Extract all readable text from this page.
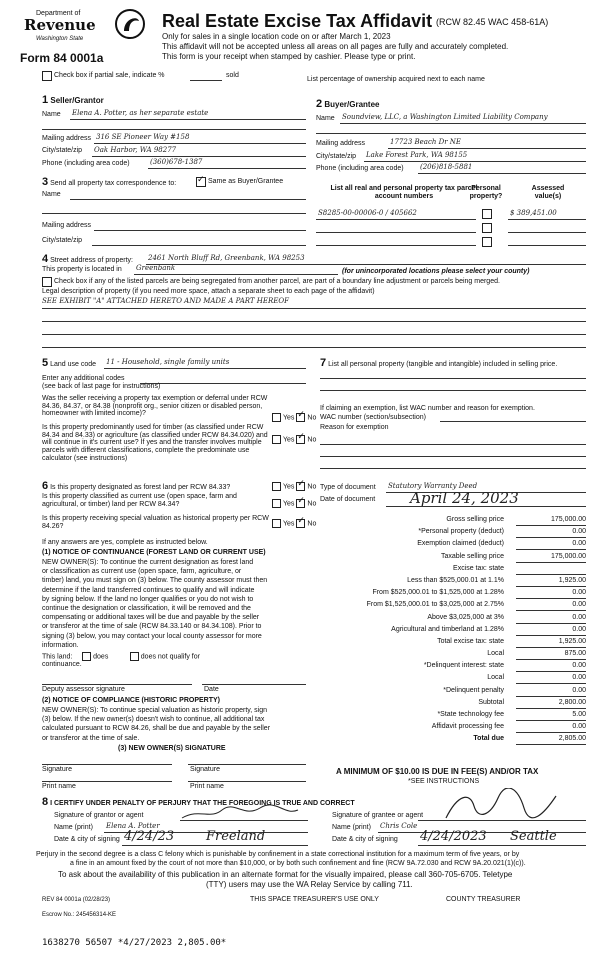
Department of
Revenue
Washington State
Form 84 0001a
Real Estate Excise Tax Affidavit (RCW 82.45 WAC 458-61A)
Only for sales in a single location code on or after March 1, 2023
This affidavit will not be accepted unless all areas on all pages are fully and accurately completed.
This form is your receipt when stamped by cashier. Please type or print.
Check box if partial sale, indicate %	sold
List percentage of ownership acquired next to each name
1 Seller/Grantor
Name Elena A. Potter, as her separate estate
Mailing address 316 SE Pioneer Way #158
City/state/zip Oak Harbor, WA 98277
Phone (including area code)	(360)678-1387
2 Buyer/Grantee
Name Soundview, LLC, a Washington Limited Liability Company
Mailing address	17723 Beach Dr NE
City/state/zip Lake Forest Park, WA 98155
Phone (including area code) (206)818-5881
3 Send all property tax correspondence to: ✓ Same as Buyer/Grantee
Name
Mailing address
City/state/zip
List all real and personal property tax parcel account numbers
Personal property?
Assessed value(s)
S8285-00-00006-0 / 405662	$ 389,451.00
4 Street address of property: 2461 North Bluff Rd, Greenbank, WA 98253
This property is located in Greenbank	(for unincorporated locations please select your county)
Check box if any of the listed parcels are being segregated from another parcel, are part of a boundary line adjustment or parcels being merged.
Legal description of property (if you need more space, attach a separate sheet to each page of the affidavit)
SEE EXHIBIT "A" ATTACHED HERETO AND MADE A PART HEREOF
5 Land use code 11 - Household, single family units
Enter any additional codes
(see back of last page for instructions)
Was the seller receiving a property tax exemption or deferral under RCW 84.36, 84.37, or 84.38 (nonprofit org., senior citizen or disabled person, homeowner with limited income)?
Yes ✓ No
Is this property predominantly used for timber (as classified under RCW 84.34 and 84.33) or agriculture (as classified under RCW 84.34.020) and will continue in it's current use? If yes and the transfer involves multiple parcels with different classifications, complete the predominate use calculator (see instructions)
Yes ✓ No
7 List all personal property (tangible and intangible) included in selling price.
If claiming an exemption, list WAC number and reason for exemption.
WAC number (section/subsection)
Reason for exemption
6 Is this property designated as forest land per RCW 84.33?	Yes ✓ No
Is this property classified as current use (open space, farm and agricultural, or timber) land per RCW 84.34?	Yes ✓ No
Is this property receiving special valuation as historical property per RCW 84.26?	Yes ✓ No
If any answers are yes, complete as instructed below.
(1) NOTICE OF CONTINUANCE (FOREST LAND OR CURRENT USE)
NEW OWNER(S): To continue the current designation as forest land
or classification as current use (open space, farm, agriculture, or
timber) land, you must sign on (3) below. The county assessor must then
determine if the land transferred continues to qualify and will indicate
by signing below. If the land no longer qualifies or you do not wish to
continue the designation or classification, it will be removed and the
compensating or additional taxes will be due and payable by the seller
or transferor at the time of sale (RCW 84.33.140 or 84.34.108). Prior to
signing (3) below, you may contact your local county assessor for more
information.
This land:	does	does not qualify for
continuance.
Deputy assessor signature	Date
(2) NOTICE OF COMPLIANCE (HISTORIC PROPERTY)
NEW OWNER(S): To continue special valuation as historic property, sign
(3) below. If the new owner(s) doesn't wish to continue, all additional tax
calculated pursuant to RCW 84.26, shall be due and payable by the seller
or transferor at the time of sale.
(3) NEW OWNER(S) SIGNATURE
Signature	Signature
Print name	Print name
Type of document Statutory Warranty Deed
Date of document April 24, 2023
Gross selling price	175,000.00
*Personal property (deduct)	0.00
Exemption claimed (deduct)	0.00
Taxable selling price	175,000.00
Excise tax: state
Less than $525,000.01 at 1.1%	1,925.00
From $525,000.01 to $1,525,000 at 1.28%	0.00
From $1,525,000.01 to $3,025,000 at 2.75%	0.00
Above $3,025,000 at 3%	0.00
Agricultural and timberland at 1.28%	0.00
Total excise tax: state	1,925.00
Local	875.00
*Delinquent interest: state	0.00
Local	0.00
*Delinquent penalty	0.00
Subtotal	2,800.00
*State technology fee	5.00
Affidavit processing fee	0.00
Total due	2,805.00
A MINIMUM OF $10.00 IS DUE IN FEE(S) AND/OR TAX
*SEE INSTRUCTIONS
8 I CERTIFY UNDER PENALTY OF PERJURY THAT THE FOREGOING IS TRUE AND CORRECT
Signature of grantor or agent	Signature of grantee or agent
Name (print) Elena A. Potter	Name (print) Chris Cole
Date & city of signing 4/24/23 Freeland	Date & city of signing 4/24/2023 Seattle
Perjury in the second degree is a class C felony which is punishable by confinement in a state correctional institution for a maximum term of five years, or by
a fine in an amount fixed by the court of not more than $10,000, or by both such confinement and fine (RCW 9A.72.030 and RCW 9A.20.021(1)(c)).
To ask about the availability of this publication in an alternate format for the visually impaired, please call 360-705-6705. Teletype
(TTY) users may use the WA Relay Service by calling 711.
REV 84 0001a (02/28/23)	THIS SPACE TREASURER'S USE ONLY	COUNTY TREASURER
Escrow No.: 245456314-KE
1638270 56507 *4/27/2023 2,805.00*
